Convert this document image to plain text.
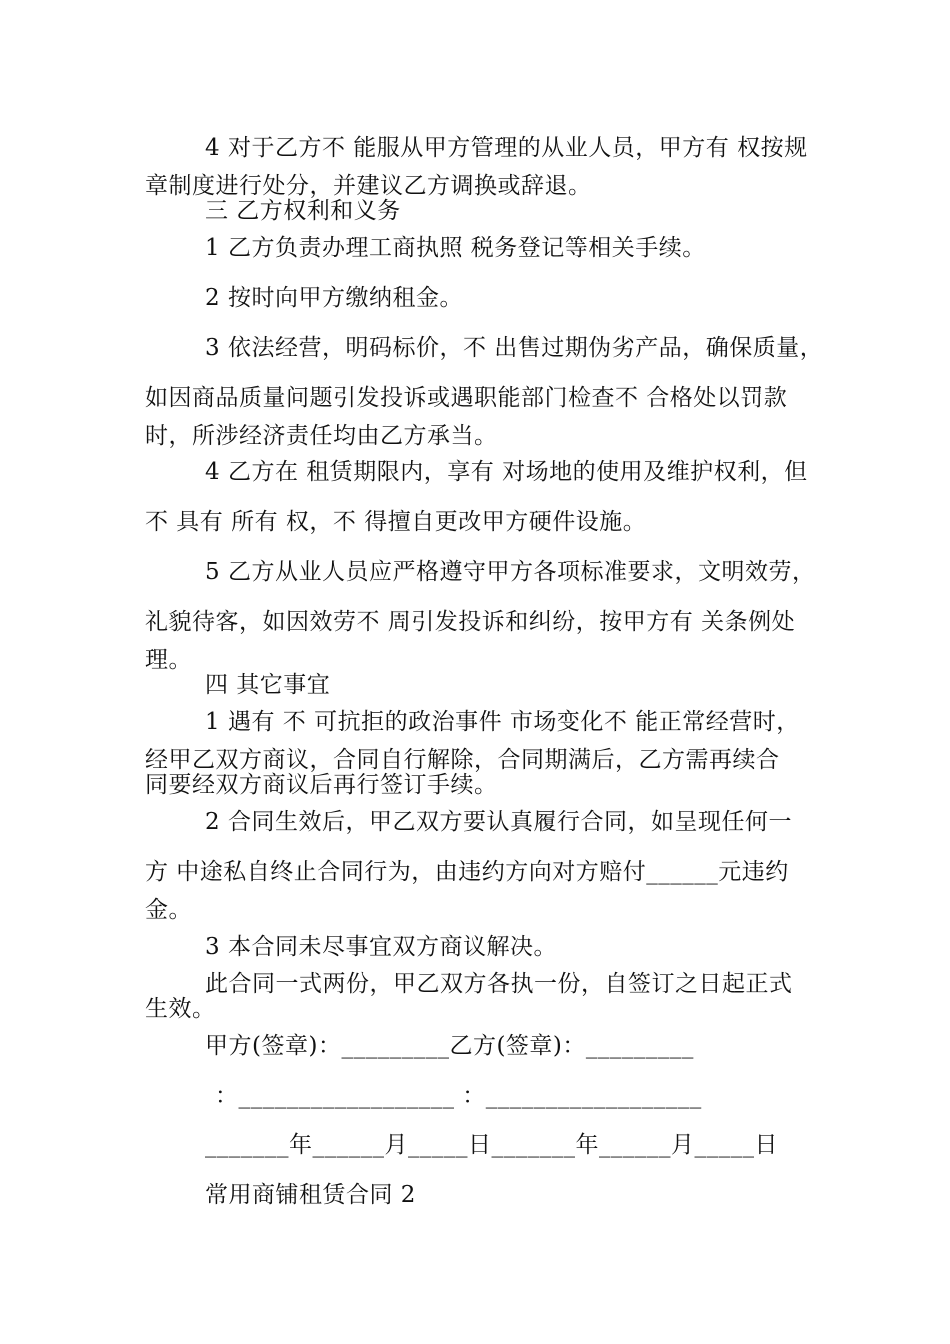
4 对于乙方不 能服从甲方管理的从业人员，甲方有 权按规
章制度进行处分，并建议乙方调换或辞退。
三 乙方权利和义务
1 乙方负责办理工商执照 税务登记等相关手续。
2 按时向甲方缴纳租金。
3 依法经营，明码标价，不 出售过期伪劣产品，确保质量，
如因商品质量问题引发投诉或遇职能部门检查不 合格处以罚款
时，所涉经济责任均由乙方承当。
4 乙方在 租赁期限内，享有 对场地的使用及维护权利，但
不 具有 所有 权，不 得擅自更改甲方硬件设施。
5 乙方从业人员应严格遵守甲方各项标准要求，文明效劳，
礼貌待客，如因效劳不 周引发投诉和纠纷，按甲方有 关条例处
理。
四 其它事宜
1 遇有 不 可抗拒的政治事件 市场变化不 能正常经营时，
经甲乙双方商议，合同自行解除，合同期满后，乙方需再续合
同要经双方商议后再行签订手续。
2 合同生效后，甲乙双方要认真履行合同，如呈现任何一
方 中途私自终止合同行为，由违约方向对方赔付______元违约
金。
3 本合同未尽事宜双方商议解决。
此合同一式两份，甲乙双方各执一份，自签订之日起正式
生效。
甲方(签章)：_________乙方(签章)：_________
：__________________ ：__________________
_______年______月_____日_______年______月_____日
常用商铺租赁合同 2
